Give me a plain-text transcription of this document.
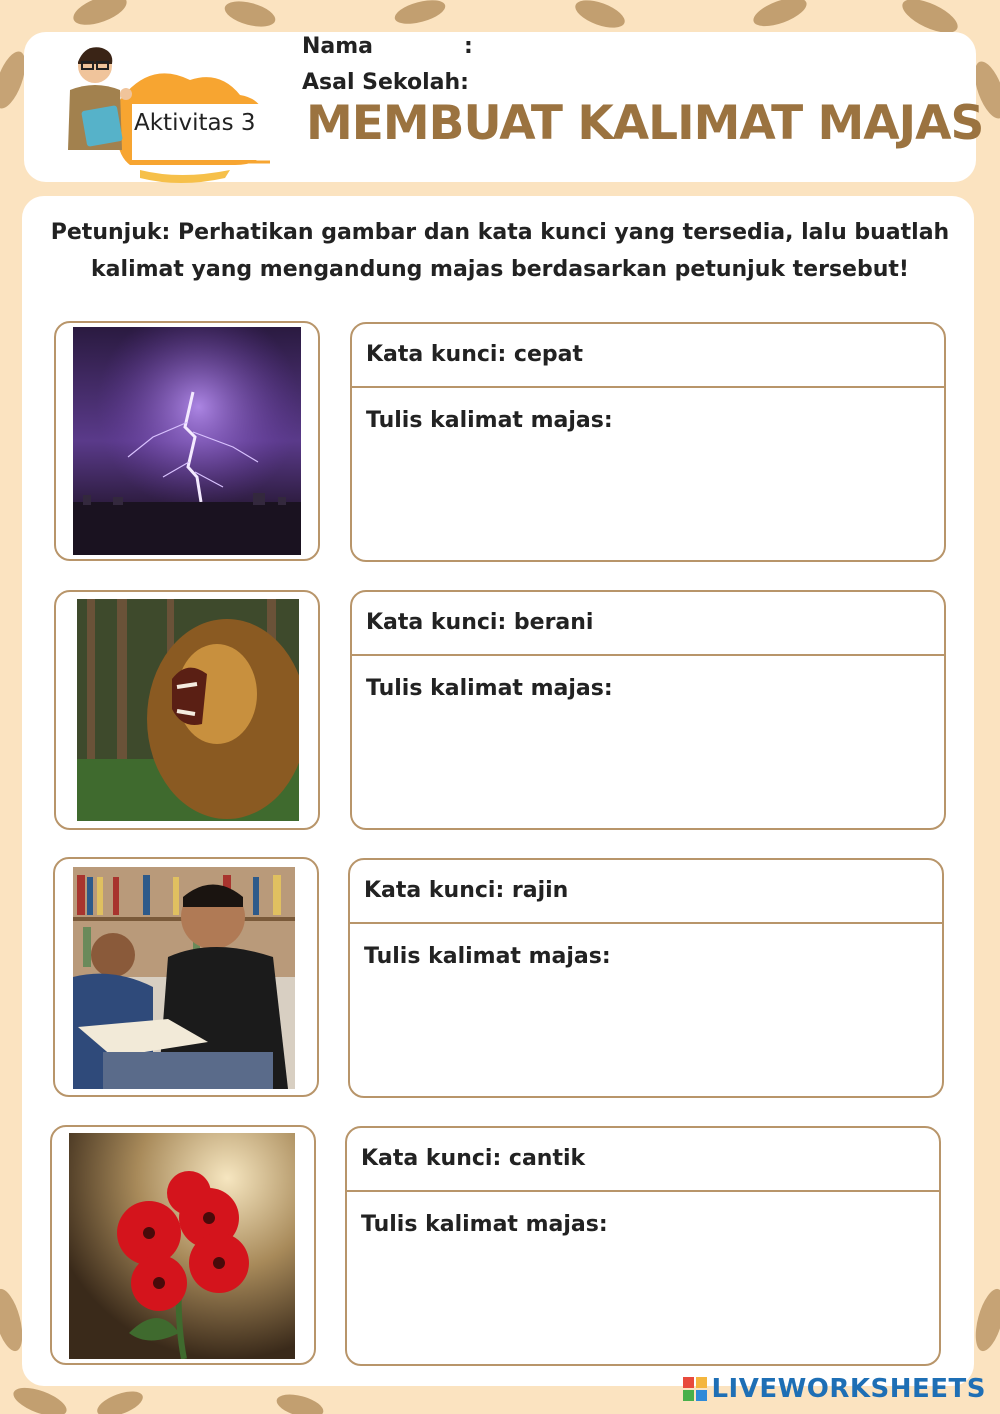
Aktivitas 3
Nama	:
Asal Sekolah:
MEMBUAT KALIMAT MAJAS
Petunjuk: Perhatikan gambar dan kata kunci yang tersedia, lalu buatlah kalimat yang mengandung majas berdasarkan petunjuk tersebut!
Kata kunci: cepat
Tulis kalimat majas:
Kata kunci: berani
Tulis kalimat majas:
Kata kunci: rajin
Tulis kalimat majas:
Kata kunci: cantik
Tulis kalimat majas:
LIVEWORKSHEETS
